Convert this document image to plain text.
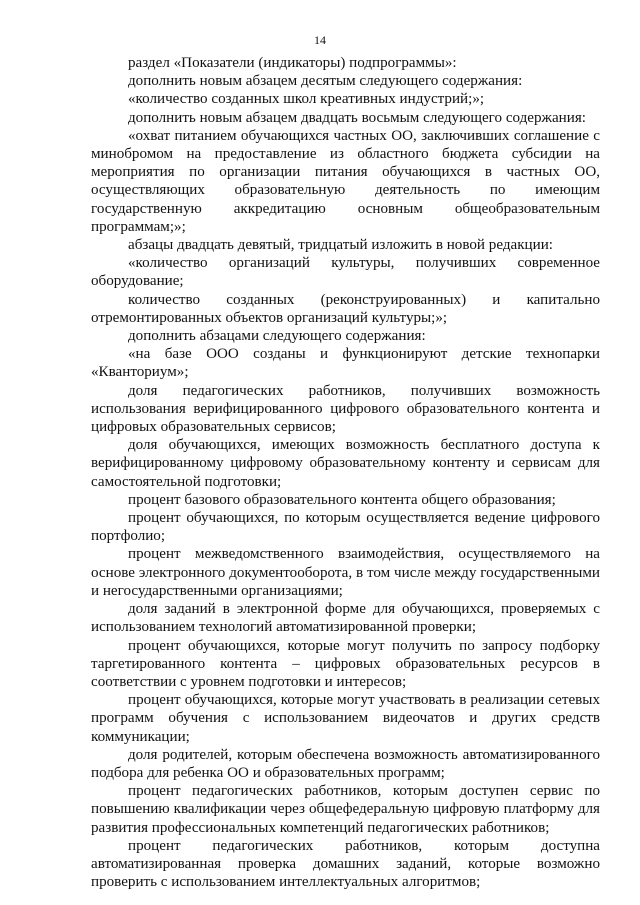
14

раздел «Показатели (индикаторы) подпрограммы»:

дополнить новым абзацем десятым следующего содержания:

«количество созданных школ креативных индустрий;»;

дополнить новым абзацем двадцать восьмым следующего содержания:

«охват питанием обучающихся частных ОО, заключивших соглашение с минобромом на предоставление из областного бюджета субсидии на мероприятия по организации питания обучающихся в частных ОО, осуществляющих образовательную деятельность по имеющим государственную аккредитацию основным общеобразовательным программам;»;

абзацы двадцать девятый, тридцатый изложить в новой редакции:

«количество организаций культуры, получивших современное оборудование;

количество созданных (реконструированных) и капитально отремонтированных объектов организаций культуры;»;

дополнить абзацами следующего содержания:

«на базе ООО созданы и функционируют детские технопарки «Кванториум»;

доля педагогических работников, получивших возможность использования верифицированного цифрового образовательного контента и цифровых образовательных сервисов;

доля обучающихся, имеющих возможность бесплатного доступа к верифицированному цифровому образовательному контенту и сервисам для самостоятельной подготовки;

процент базового образовательного контента общего образования;

процент обучающихся, по которым осуществляется ведение цифрового портфолио;

процент межведомственного взаимодействия, осуществляемого на основе электронного документооборота, в том числе между государственными и негосударственными организациями;

доля заданий в электронной форме для обучающихся, проверяемых с использованием технологий автоматизированной проверки;

процент обучающихся, которые могут получить по запросу подборку таргетированного контента – цифровых образовательных ресурсов в соответствии с уровнем подготовки и интересов;

процент обучающихся, которые могут участвовать в реализации сетевых программ обучения с использованием видеочатов и других средств коммуникации;

доля родителей, которым обеспечена возможность автоматизированного подбора для ребенка ОО и образовательных программ;

процент педагогических работников, которым доступен сервис по повышению квалификации через общефедеральную цифровую платформу для развития профессиональных компетенций педагогических работников;

процент педагогических работников, которым доступна автоматизированная проверка домашних заданий, которые возможно проверить с использованием интеллектуальных алгоритмов;
